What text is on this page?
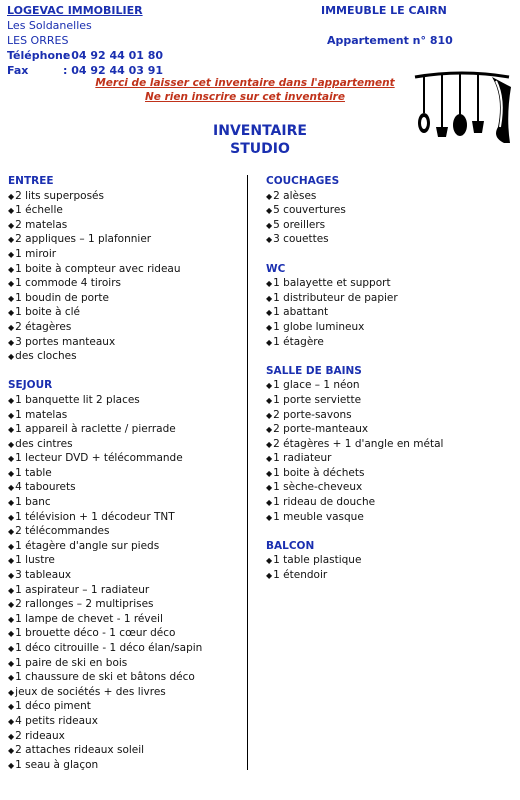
LOGEVAC IMMOBILIER
Les Soldanelles
LES ORRES
Téléphone: 04 92 44 01 80
Fax	: 04 92 44 03 91
IMMEUBLE LE CAIRN
Appartement n° 810
Merci de laisser cet inventaire dans l'appartement
Ne rien inscrire sur cet inventaire
INVENTAIRE
STUDIO
ENTREE
◆2 lits superposés
◆1 échelle
◆2 matelas
◆2 appliques – 1 plafonnier
◆1 miroir
◆1 boite à compteur avec rideau
◆1 commode 4 tiroirs
◆1 boudin de porte
◆1 boite à clé
◆2 étagères
◆3 portes manteaux
◆des cloches
SEJOUR
◆1 banquette lit 2 places
◆1 matelas
◆1 appareil à raclette / pierrade
◆des cintres
◆1 lecteur DVD + télécommande
◆1 table
◆4 tabourets
◆1 banc
◆1 télévision + 1 décodeur TNT
◆2 télécommandes
◆1 étagère d'angle sur pieds
◆1 lustre
◆3 tableaux
◆1 aspirateur – 1 radiateur
◆2 rallonges – 2 multiprises
◆1 lampe de chevet - 1 réveil
◆1 brouette déco - 1 cœur déco
◆1 déco citrouille - 1 déco élan/sapin
◆1 paire de ski en bois
◆1 chaussure de ski et bâtons déco
◆jeux de sociétés + des livres
◆1 déco piment
◆4 petits rideaux
◆2 rideaux
◆2 attaches rideaux soleil
◆1 seau à glaçon
COUCHAGES
◆2 alèses
◆5 couvertures
◆5 oreillers
◆3 couettes
WC
◆1 balayette et support
◆1 distributeur de papier
◆1 abattant
◆1 globe lumineux
◆1 étagère
SALLE DE BAINS
◆1 glace – 1 néon
◆1 porte serviette
◆2 porte-savons
◆2 porte-manteaux
◆2 étagères + 1 d'angle en métal
◆1 radiateur
◆1 boite à déchets
◆1 sèche-cheveux
◆1 rideau de douche
◆1 meuble vasque
BALCON
◆1 table plastique
◆1 étendoir
